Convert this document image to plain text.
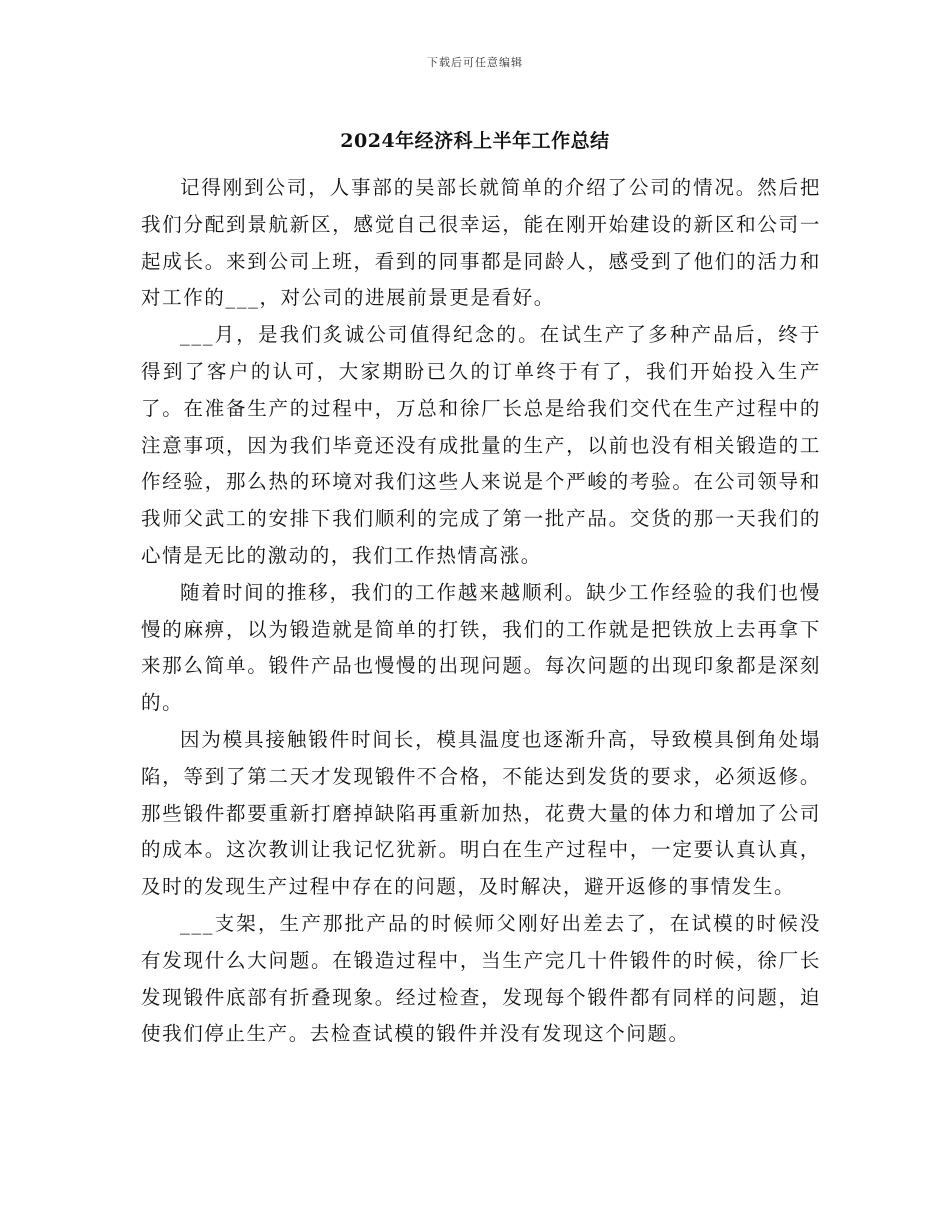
下载后可任意编辑
2024年经济科上半年工作总结

记得刚到公司，人事部的吴部长就简单的介绍了公司的情况。然后把我们分配到景航新区，感觉自己很幸运，能在刚开始建设的新区和公司一起成长。来到公司上班，看到的同事都是同龄人，感受到了他们的活力和对工作的___，对公司的进展前景更是看好。

___月，是我们炙诚公司值得纪念的。在试生产了多种产品后，终于得到了客户的认可，大家期盼已久的订单终于有了，我们开始投入生产了。在准备生产的过程中，万总和徐厂长总是给我们交代在生产过程中的注意事项，因为我们毕竟还没有成批量的生产，以前也没有相关锻造的工作经验，那么热的环境对我们这些人来说是个严峻的考验。在公司领导和我师父武工的安排下我们顺利的完成了第一批产品。交货的那一天我们的心情是无比的激动的，我们工作热情高涨。

随着时间的推移，我们的工作越来越顺利。缺少工作经验的我们也慢慢的麻痹，以为锻造就是简单的打铁，我们的工作就是把铁放上去再拿下来那么简单。锻件产品也慢慢的出现问题。每次问题的出现印象都是深刻的。

因为模具接触锻件时间长，模具温度也逐渐升高，导致模具倒角处塌陷，等到了第二天才发现锻件不合格，不能达到发货的要求，必须返修。那些锻件都要重新打磨掉缺陷再重新加热，花费大量的体力和增加了公司的成本。这次教训让我记忆犹新。明白在生产过程中，一定要认真认真，及时的发现生产过程中存在的问题，及时解决，避开返修的事情发生。

___支架，生产那批产品的时候师父刚好出差去了，在试模的时候没有发现什么大问题。在锻造过程中，当生产完几十件锻件的时候，徐厂长发现锻件底部有折叠现象。经过检查，发现每个锻件都有同样的问题，迫使我们停止生产。去检查试模的锻件并没有发现这个问题。
